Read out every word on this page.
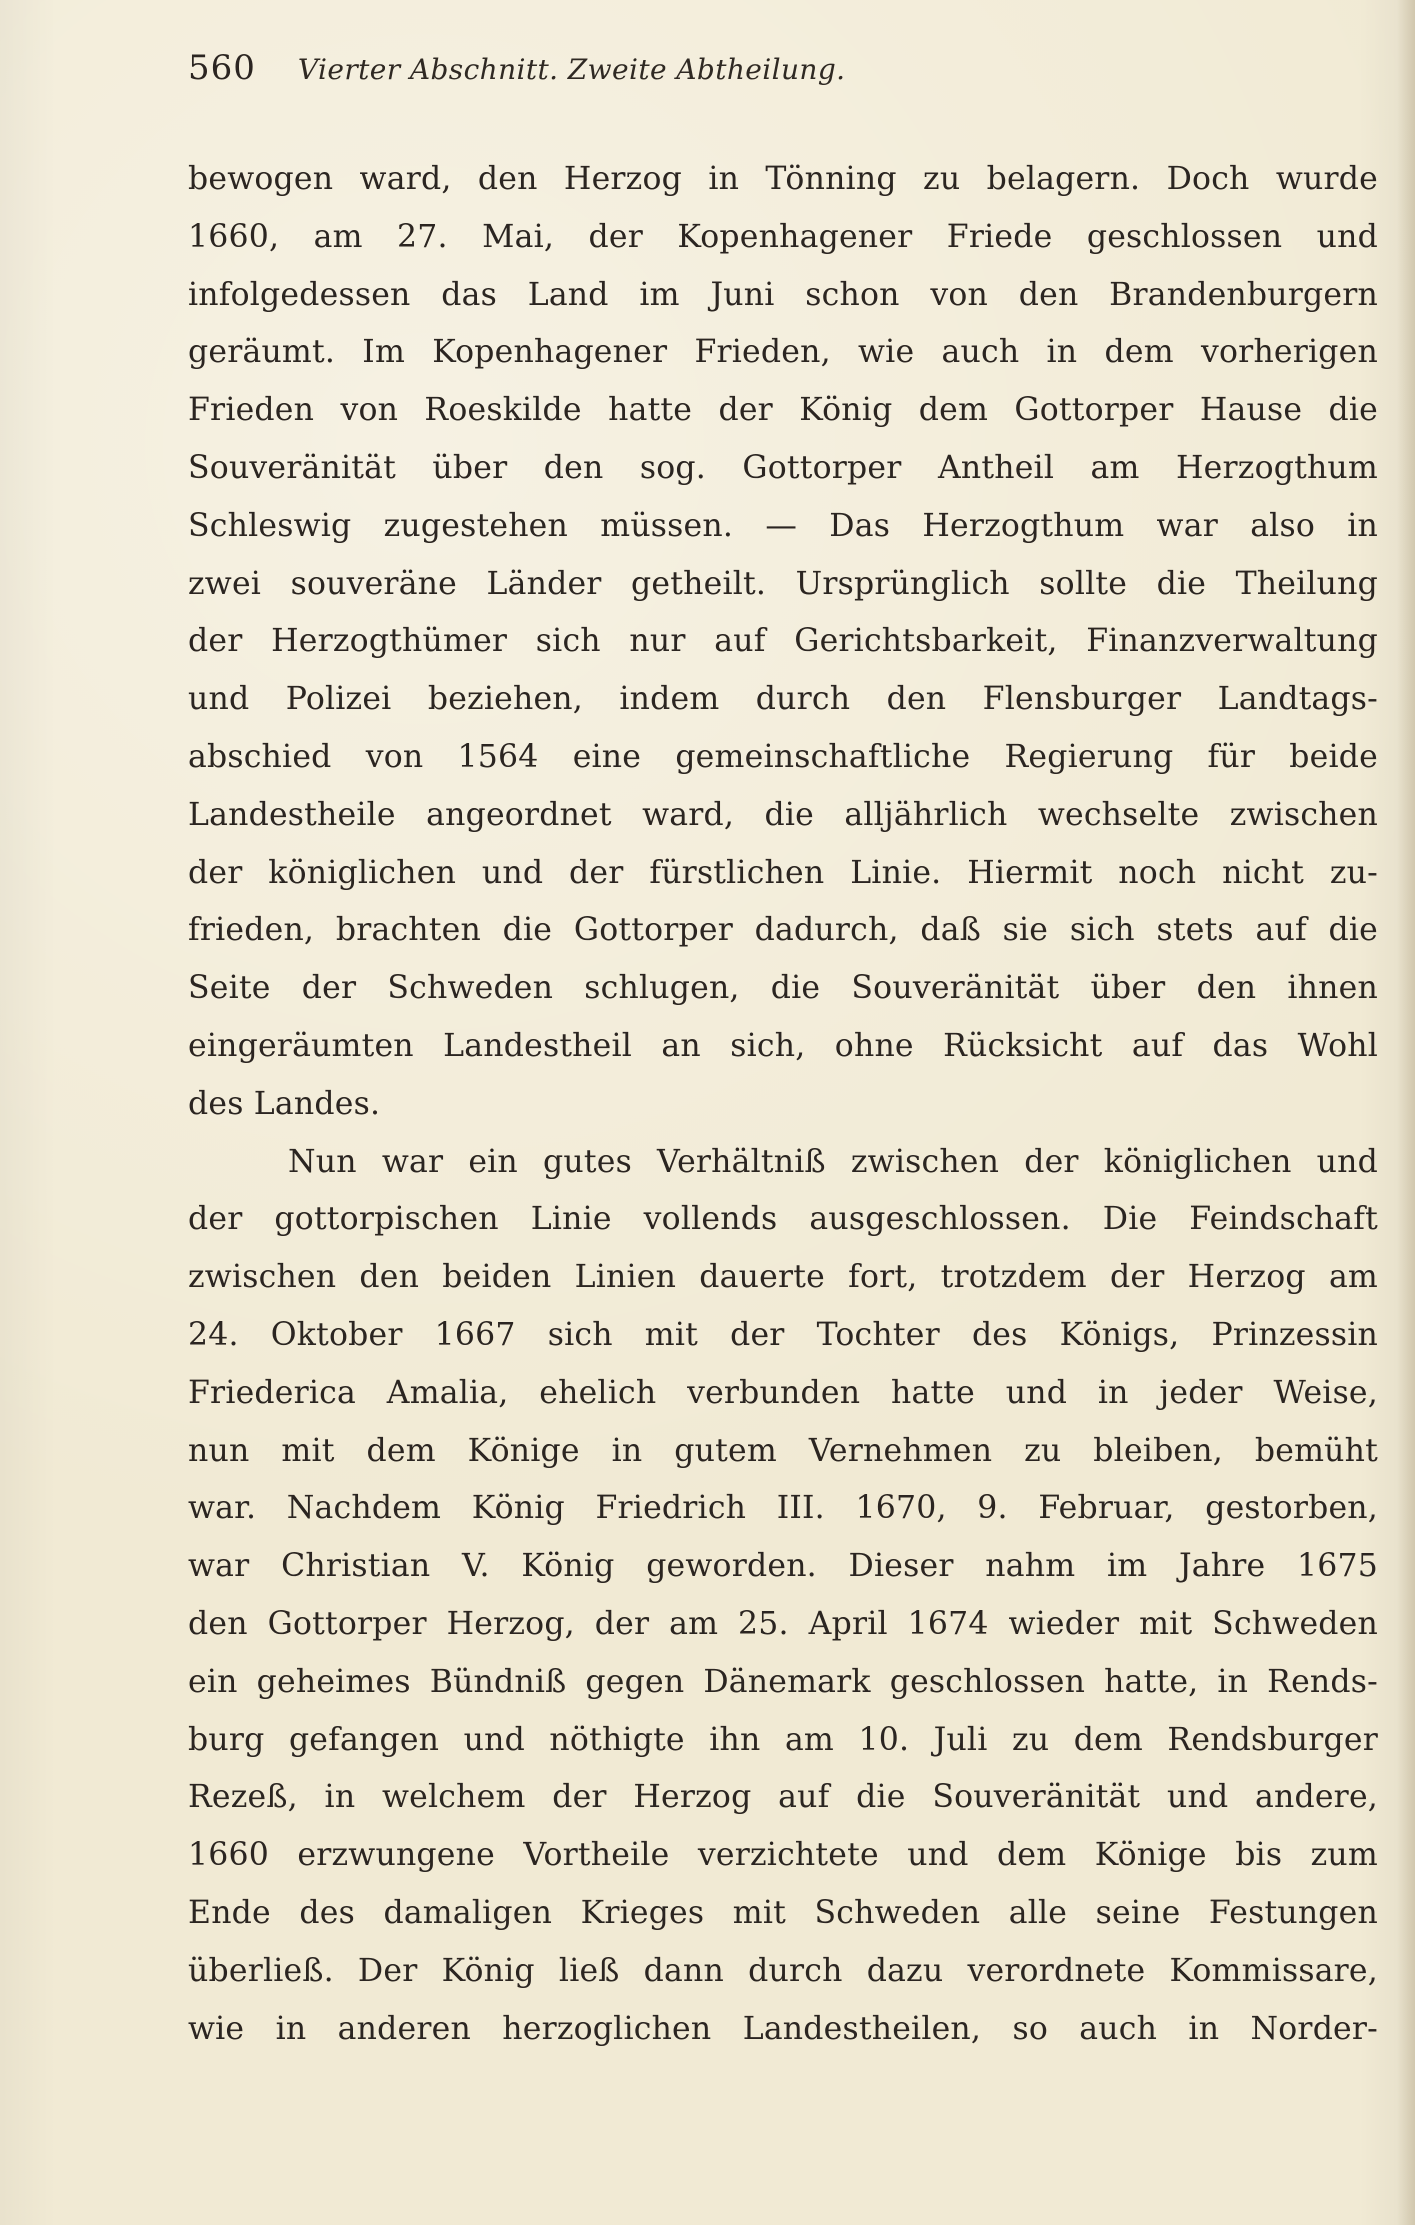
560 Vierter Abschnitt. Zweite Abtheilung.
bewogen ward, den Herzog in Tönning zu belagern. Doch wurde
1660, am 27. Mai, der Kopenhagener Friede geschlossen und
infolgedessen das Land im Juni schon von den Brandenburgern
geräumt. Im Kopenhagener Frieden, wie auch in dem vorherigen
Frieden von Roeskilde hatte der König dem Gottorper Hause die
Souveränität über den sog. Gottorper Antheil am Herzogthum
Schleswig zugestehen müssen. — Das Herzogthum war also in
zwei souveräne Länder getheilt. Ursprünglich sollte die Theilung
der Herzogthümer sich nur auf Gerichtsbarkeit, Finanzverwaltung
und Polizei beziehen, indem durch den Flensburger Landtags-
abschied von 1564 eine gemeinschaftliche Regierung für beide
Landestheile angeordnet ward, die alljährlich wechselte zwischen
der königlichen und der fürstlichen Linie. Hiermit noch nicht zu-
frieden, brachten die Gottorper dadurch, daß sie sich stets auf die
Seite der Schweden schlugen, die Souveränität über den ihnen
eingeräumten Landestheil an sich, ohne Rücksicht auf das Wohl
des Landes.
Nun war ein gutes Verhältniß zwischen der königlichen und
der gottorpischen Linie vollends ausgeschlossen. Die Feindschaft
zwischen den beiden Linien dauerte fort, trotzdem der Herzog am
24. Oktober 1667 sich mit der Tochter des Königs, Prinzessin
Friederica Amalia, ehelich verbunden hatte und in jeder Weise,
nun mit dem Könige in gutem Vernehmen zu bleiben, bemüht
war. Nachdem König Friedrich III. 1670, 9. Februar, gestorben,
war Christian V. König geworden. Dieser nahm im Jahre 1675
den Gottorper Herzog, der am 25. April 1674 wieder mit Schweden
ein geheimes Bündniß gegen Dänemark geschlossen hatte, in Rends-
burg gefangen und nöthigte ihn am 10. Juli zu dem Rendsburger
Rezeß, in welchem der Herzog auf die Souveränität und andere,
1660 erzwungene Vortheile verzichtete und dem Könige bis zum
Ende des damaligen Krieges mit Schweden alle seine Festungen
überließ. Der König ließ dann durch dazu verordnete Kommissare,
wie in anderen herzoglichen Landestheilen, so auch in Norder-
